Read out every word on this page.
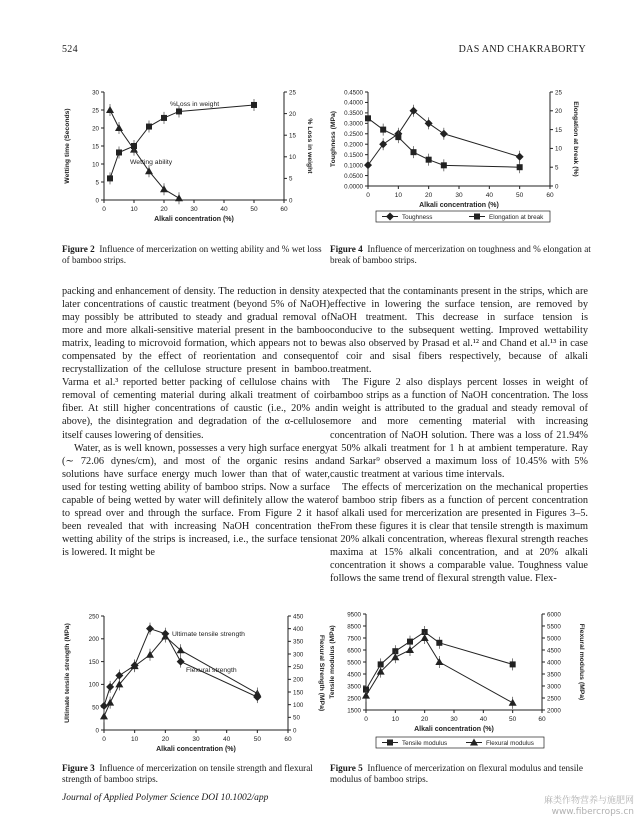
524	DAS AND CHAKRABORTY
0	10	20	30	40	50	60
Alkali concentration (%)
0
5
10
15
20
25
30
Wetting time (Seconds)
0
5
10
15
20
25
% Loss in weight
%Loss in weight
Wetting ability
0	10	20	30	40	50	60
Alkali concentration (%)
0.0000
0.0500
0.1000
0.1500
0.2000
0.2500
0.3000
0.3500
0.4000
0.4500
Toughness (MPa)
0
5
10
15
20
25
Elongation at break (%)
Toughness	Elongation at break
0	10	20	30	40	50	60
Alkali concentration (%)
0
50
100
150
200
250
Ultimate tensile strength (MPa)
0
50
100
150
200
250
300
350
400
450
Flexural Strength (MPa)
Ultimate tensile strength
Flexural strength
0	10	20	30	40	50	60
Alkali concentration (%)
1500
2500
3500
4500
5500
6500
7500
8500
9500
Tensile modulus (MPa)
2000
2500
3000
3500
4000
4500
5000
5500
6000
Flexural modulus (MPa)
Tensile modulus	Flexural modulus
Figure 2 Influence of mercerization on wetting ability and % wet loss of bamboo strips.
Figure 4 Influence of mercerization on toughness and % elongation at break of bamboo strips.
Figure 3 Influence of mercerization on tensile strength and flexural strength of bamboo strips.
Figure 5 Influence of mercerization on flexural modulus and tensile modulus of bamboo strips.

packing and enhancement of density. The reduction in density at later concentrations of caustic treatment (beyond 5% of NaOH) may possibly be attributed to steady and gradual removal of more and more alkali-sensitive material present in the bamboo matrix, leading to microvoid formation, which appears not to be compensated by the effect of reorientation and consequent recrystallization of the cellulose structure present in bamboo. Varma et al.³ reported better packing of cellulose chains with removal of cementing material during alkali treatment of coir fiber. At still higher concentrations of caustic (i.e., 20% and above), the disintegration and degradation of the α-cellulose itself causes lowering of densities.

Water, as is well known, possesses a very high surface energy (∼ 72.06 dynes/cm), and most of the organic resins and solutions have surface energy much lower than that of water, used for testing wetting ability of bamboo strips. Now a surface capable of being wetted by water will definitely allow the water to spread over and through the surface. From Figure 2 it has been revealed that with increasing NaOH concentration the wetting ability of the strips is increased, i.e., the surface tension is lowered. It might be

expected that the contaminants present in the strips, which are effective in lowering the surface tension, are removed by NaOH treatment. This decrease in surface tension is conducive to the subsequent wetting. Improved wettability was also observed by Prasad et al.¹² and Chand et al.¹³ in case of coir and sisal fibers respectively, because of alkali treatment.

The Figure 2 also displays percent losses in weight of bamboo strips as a function of NaOH concentration. The loss in weight is attributed to the gradual and steady removal of more and more cementing material with increasing concentration of NaOH solution. There was a loss of 21.94% at 50% alkali treatment for 1 h at ambient temperature. Ray and Sarkar⁹ observed a maximum loss of 10.45% with 5% caustic treatment at various time intervals.

The effects of mercerization on the mechanical properties of bamboo strip fibers as a function of percent concentration of alkali used for mercerization are presented in Figures 3–5. From these figures it is clear that tensile strength is maximum at 20% alkali concentration, whereas flexural strength reaches maxima at 15% alkali concentration, and at 20% alkali concentration it shows a comparable value. Toughness value follows the same trend of flexural strength value. Flex-

Journal of Applied Polymer Science DOI 10.1002/app	麻类作物营养与施肥网
www.fibercrops.cn
